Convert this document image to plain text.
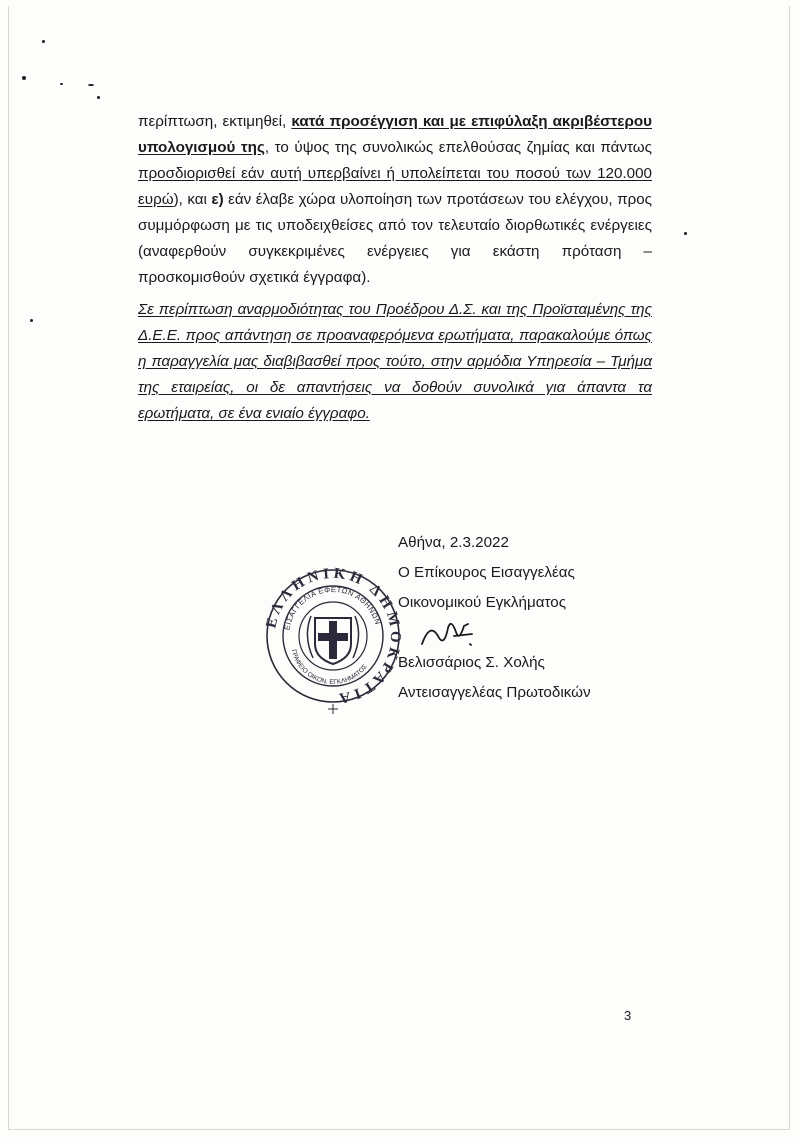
περίπτωση, εκτιμηθεί, κατά προσέγγιση και με επιφύλαξη ακριβέστερου υπολογισμού της, το ύψος της συνολικώς επελθούσας ζημίας και πάντως προσδιορισθεί εάν αυτή υπερβαίνει ή υπολείπεται του ποσού των 120.000 ευρώ), και ε) εάν έλαβε χώρα υλοποίηση των προτάσεων του ελέγχου, προς συμμόρφωση με τις υποδειχθείσες από τον τελευταίο διορθωτικές ενέργειες (αναφερθούν συγκεκριμένες ενέργειες για εκάστη πρόταση – προσκομισθούν σχετικά έγγραφα).

Σε περίπτωση αναρμοδιότητας του Προέδρου Δ.Σ. και της Προϊσταμένης της Δ.Ε.Ε. προς απάντηση σε προαναφερόμενα ερωτήματα, παρακαλούμε όπως η παραγγελία μας διαβιβασθεί προς τούτο, στην αρμόδια Υπηρεσία – Τμήμα της εταιρείας, οι δε απαντήσεις να δοθούν συνολικά για άπαντα τα ερωτήματα, σε ένα ενιαίο έγγραφο.

ΕΛΛΗΝΙΚΗ ΔΗΜΟΚΡΑΤΙΑ
ΕΙΣΑΓΓΕΛΙΑ ΕΦΕΤΩΝ ΑΘΗΝΩΝ
ΓΡΑΦΕΙΟ ΟΙΚΟΝ. ΕΓΚΛΗΜΑΤΟΣ
Αθήνα, 2.3.2022
Ο Επίκουρος Εισαγγελέας
Οικονομικού Εγκλήματος
Βελισσάριος Σ. Χολής
Αντεισαγγελέας Πρωτοδικών
3
